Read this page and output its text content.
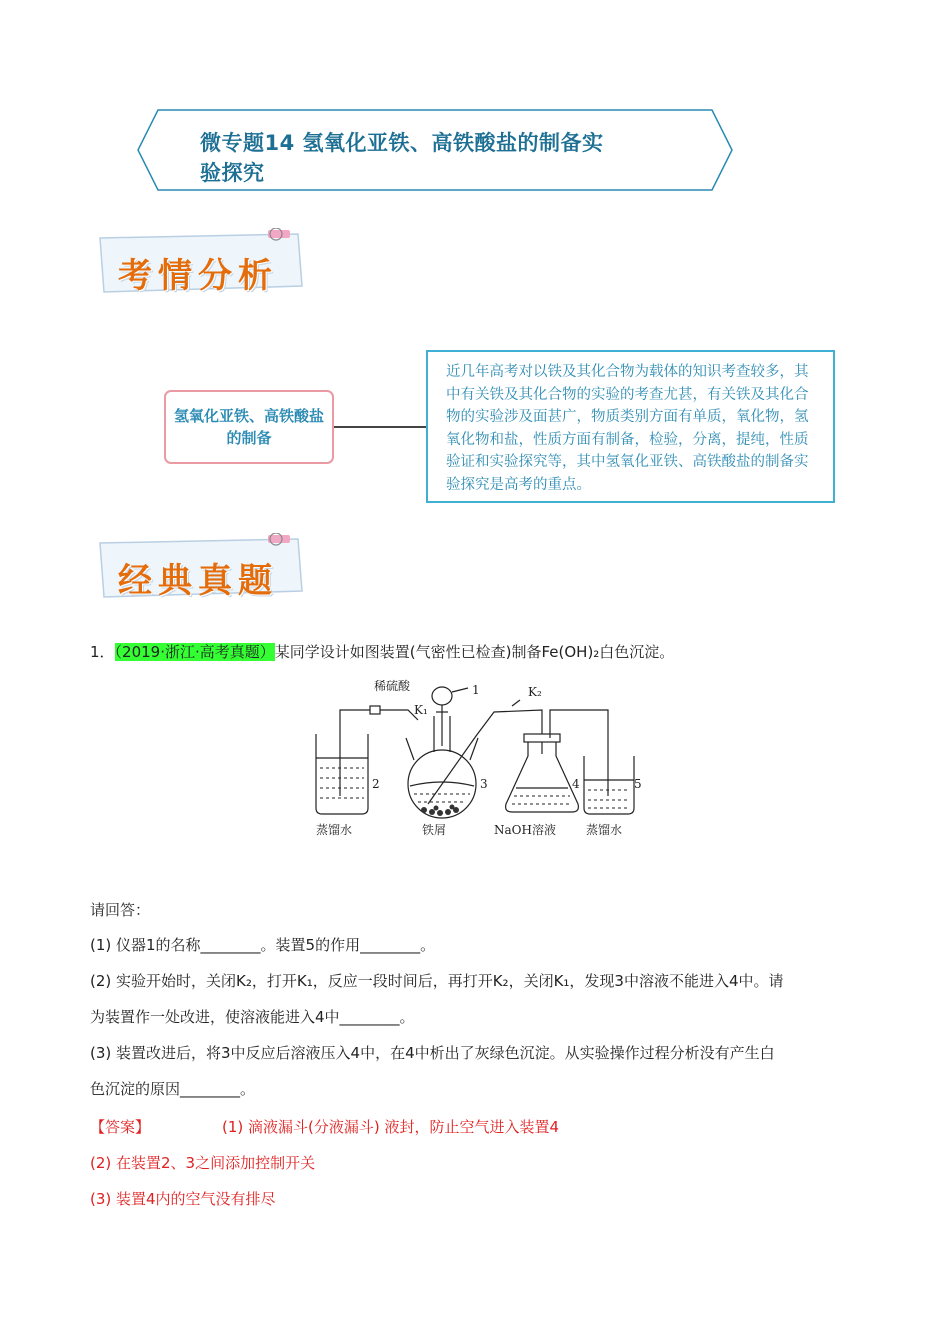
微专题14 氢氧化亚铁、高铁酸盐的制备实
验探究
考情分析
氢氧化亚铁、高铁酸盐的制备
近几年高考对以铁及其化合物为载体的知识考查较多，其中有关铁及其化合物的实验的考查尤甚，有关铁及其化合物的实验涉及面甚广，物质类别方面有单质，氧化物，氢氧化物和盐，性质方面有制备，检验，分离，提纯，性质验证和实验探究等，其中氢氧化亚铁、高铁酸盐的制备实验探究是高考的重点。
经典真题
1．（2019·浙江·高考真题）某同学设计如图装置(气密性已检查)制备Fe(OH)₂白色沉淀。
稀硫酸
K₁
1	K₂
2	3	4	5
蒸馏水	铁屑	NaOH溶液	蒸馏水
请回答：
(1) 仪器1的名称________。装置5的作用________。
(2) 实验开始时，关闭K₂，打开K₁，反应一段时间后，再打开K₂，关闭K₁，发现3中溶液不能进入4中。请
为装置作一处改进，使溶液能进入4中________。
(3) 装置改进后，将3中反应后溶液压入4中，在4中析出了灰绿色沉淀。从实验操作过程分析没有产生白
色沉淀的原因________。
【答案】	(1) 滴液漏斗(分液漏斗) 液封，防止空气进入装置4
(2) 在装置2、3之间添加控制开关
(3) 装置4内的空气没有排尽
